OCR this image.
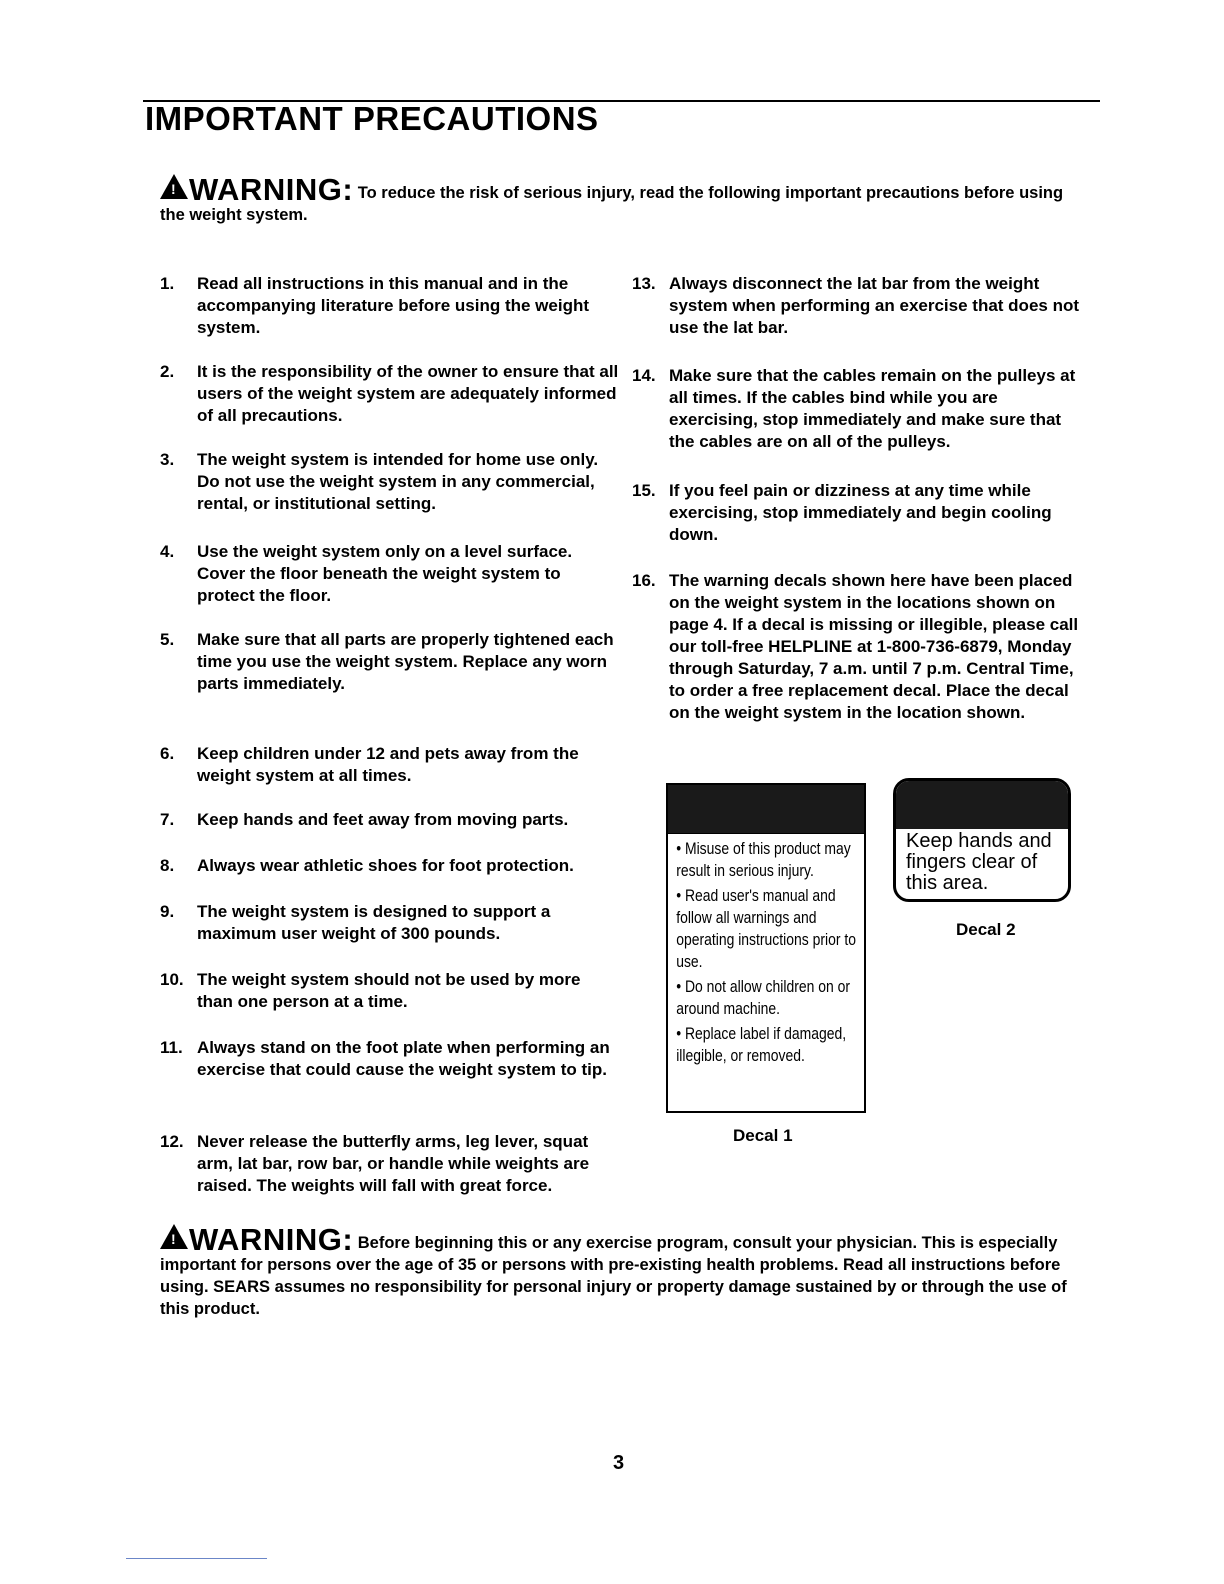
IMPORTANT PRECAUTIONS
!WARNING: To reduce the risk of serious injury, read the following important precautions before using the weight system.
1.	Read all instructions in this manual and in the accompanying literature before using the weight system.
2.	It is the responsibility of the owner to ensure that all users of the weight system are adequately informed of all precautions.
3.	The weight system is intended for home use only. Do not use the weight system in any commercial, rental, or institutional setting.
4.	Use the weight system only on a level surface. Cover the floor beneath the weight system to protect the floor.
5.	Make sure that all parts are properly tightened each time you use the weight system. Replace any worn parts immediately.
6.	Keep children under 12 and pets away from the weight system at all times.
7.	Keep hands and feet away from moving parts.
8.	Always wear athletic shoes for foot protection.
9.	The weight system is designed to support a maximum user weight of 300 pounds.
10. The weight system should not be used by more than one person at a time.
11. Always stand on the foot plate when performing an exercise that could cause the weight system to tip.
12. Never release the butterfly arms, leg lever, squat arm, lat bar, row bar, or handle while weights are raised. The weights will fall with great force.
13. Always disconnect the lat bar from the weight system when performing an exercise that does not use the lat bar.
14. Make sure that the cables remain on the pulleys at all times. If the cables bind while you are exercising, stop immediately and make sure that the cables are on all of the pulleys.
15. If you feel pain or dizziness at any time while exercising, stop immediately and begin cooling down.
16. The warning decals shown here have been placed on the weight system in the locations shown on page 4. If a decal is missing or illegible, please call our toll-free HELPLINE at 1-800-736-6879, Monday through Saturday, 7 a.m. until 7 p.m. Central Time, to order a free replacement decal. Place the decal on the weight system in the location shown.
• Misuse of this product may result in serious injury.
• Read user's manual and follow all warnings and operating instructions prior to use.
• Do not allow children on or around machine.
• Replace label if damaged, illegible, or removed.
Decal 1
Keep hands and fingers clear of this area.
Decal 2
!WARNING: Before beginning this or any exercise program, consult your physician. This is especially important for persons over the age of 35 or persons with pre-existing health problems. Read all instructions before using. SEARS assumes no responsibility for personal injury or property damage sustained by or through the use of this product.
3
